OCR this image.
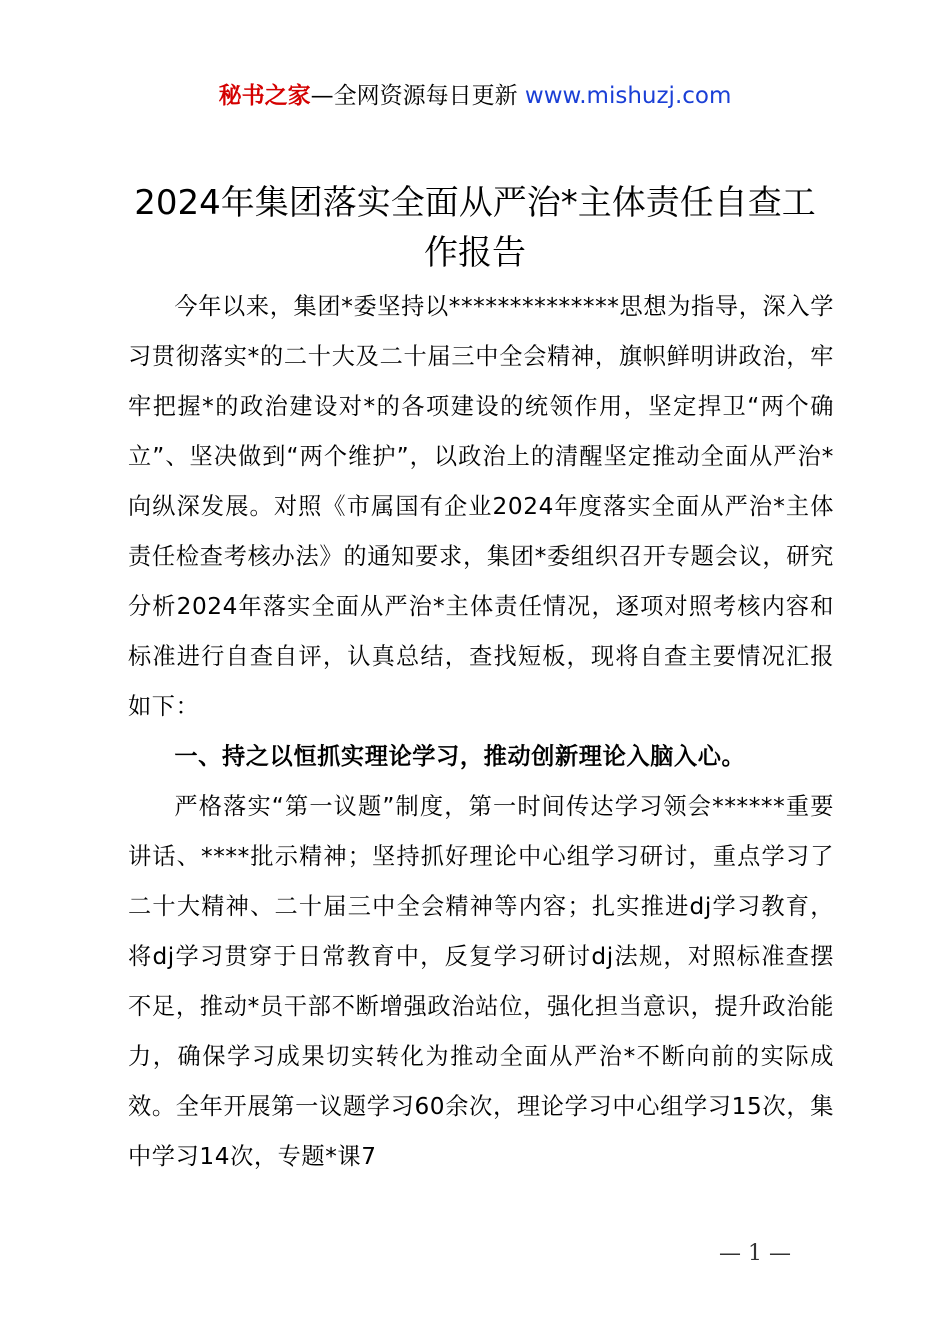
秘书之家—全网资源每日更新 www.mishuzj.com
2024年集团落实全面从严治*主体责任自查工作报告

今年以来，集团*委坚持以**************思想为指导，深入学习贯彻落实*的二十大及二十届三中全会精神，旗帜鲜明讲政治，牢牢把握*的政治建设对*的各项建设的统领作用，坚定捍卫“两个确立”、坚决做到“两个维护”，以政治上的清醒坚定推动全面从严治*向纵深发展。对照《市属国有企业2024年度落实全面从严治*主体责任检查考核办法》的通知要求，集团*委组织召开专题会议，研究分析2024年落实全面从严治*主体责任情况，逐项对照考核内容和标准进行自查自评，认真总结，查找短板，现将自查主要情况汇报如下：

一、持之以恒抓实理论学习，推动创新理论入脑入心。

严格落实“第一议题”制度，第一时间传达学习领会******重要讲话、****批示精神；坚持抓好理论中心组学习研讨，重点学习了二十大精神、二十届三中全会精神等内容；扎实推进dj学习教育，将dj学习贯穿于日常教育中，反复学习研讨dj法规，对照标准查摆不足，推动*员干部不断增强政治站位，强化担当意识，提升政治能力，确保学习成果切实转化为推动全面从严治*不断向前的实际成效。全年开展第一议题学习60余次，理论学习中心组学习15次，集中学习14次，专题*课7

— 1 —
